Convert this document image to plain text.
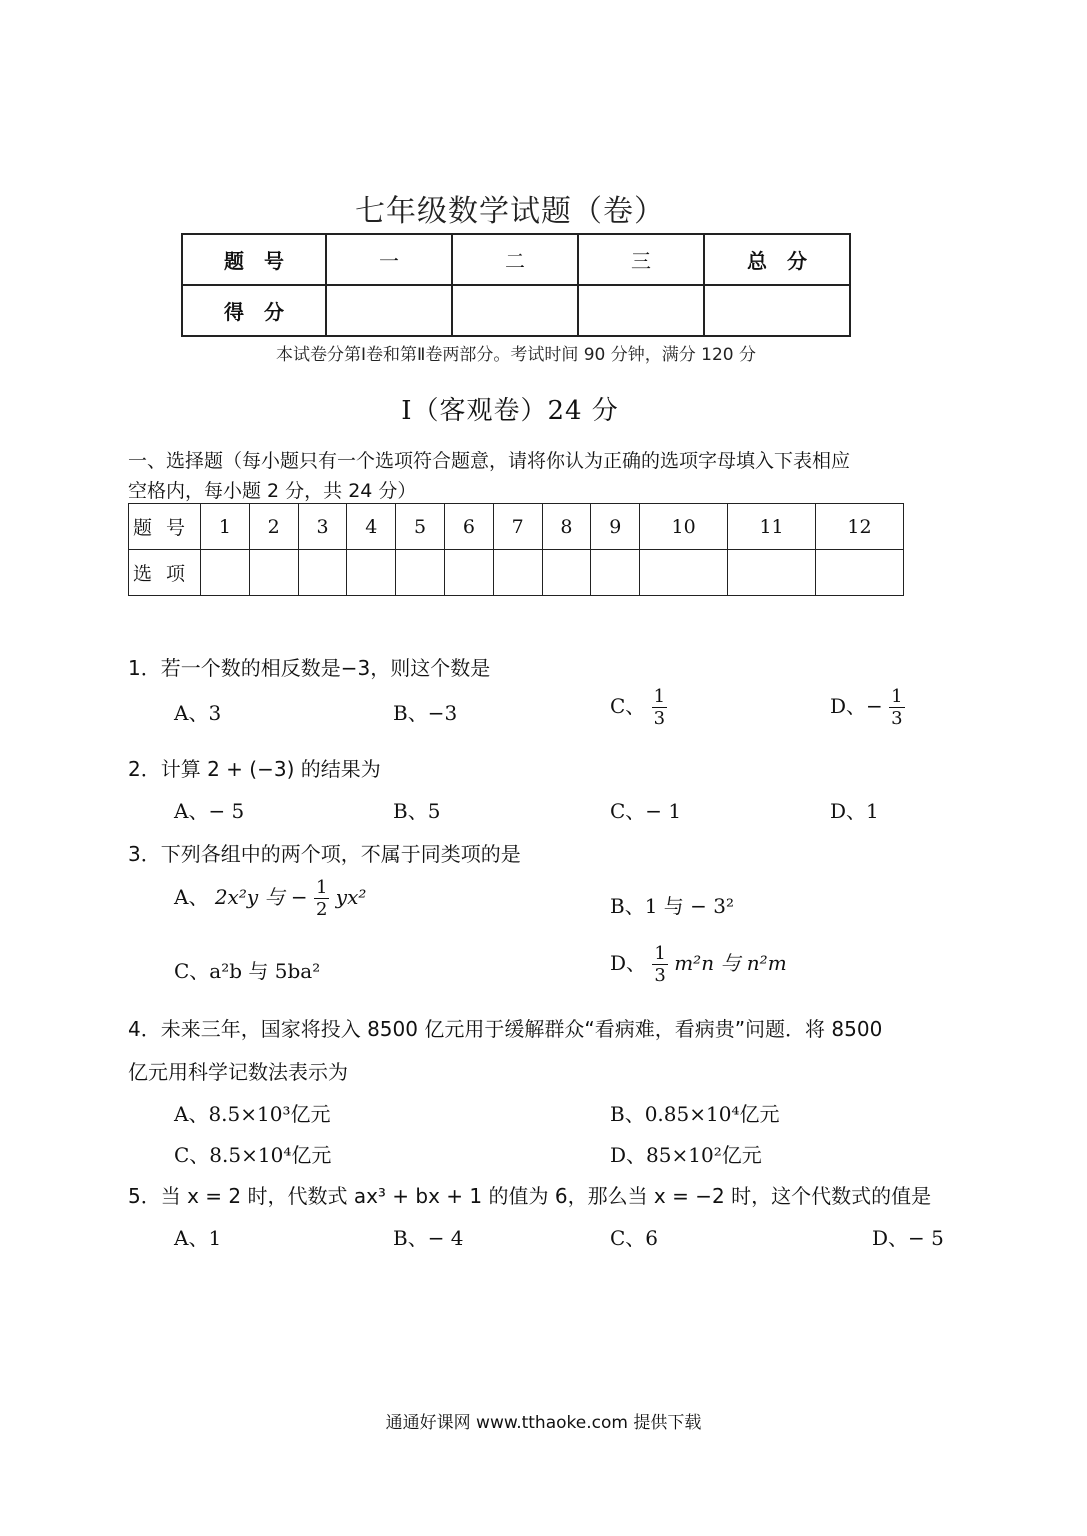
七年级数学试题（卷）
题　号	一	二	三	总　分
得　分				
本试卷分第Ⅰ卷和第Ⅱ卷两部分。考试时间 90 分钟，满分 120 分
Ⅰ（客观卷）24 分
一、选择题（每小题只有一个选项符合题意，请将你认为正确的选项字母填入下表相应
空格内，每小题 2 分，共 24 分）
题 号	1	2	3	4	5	6	7	8	9	10	11	12
选 项												
1．若一个数的相反数是−3，则这个数是
A、3	B、−3	C、 $\frac{1}{3}$	D、− $\frac{1}{3}$
2．计算 2 + (−3) 的结果为
A、− 5	B、5	C、− 1	D、1
3．下列各组中的两个项，不属于同类项的是
A、 2x²y 与 − $\frac{1}{2} yx^2$	B、1 与 − 3²
C、a²b 与 5ba²	D、 $\frac{1}{3} m^2n$ 与 n²m
4．未来三年，国家将投入 8500 亿元用于缓解群众“看病难，看病贵”问题．将 8500
亿元用科学记数法表示为
A、8.5×10³亿元	B、0.85×10⁴亿元
C、8.5×10⁴亿元	D、85×10²亿元
5．当 x = 2 时，代数式 ax³ + bx + 1 的值为 6，那么当 x = −2 时，这个代数式的值是
A、1	B、− 4	C、6	D、− 5
通通好课网 www.tthaoke.com 提供下载
